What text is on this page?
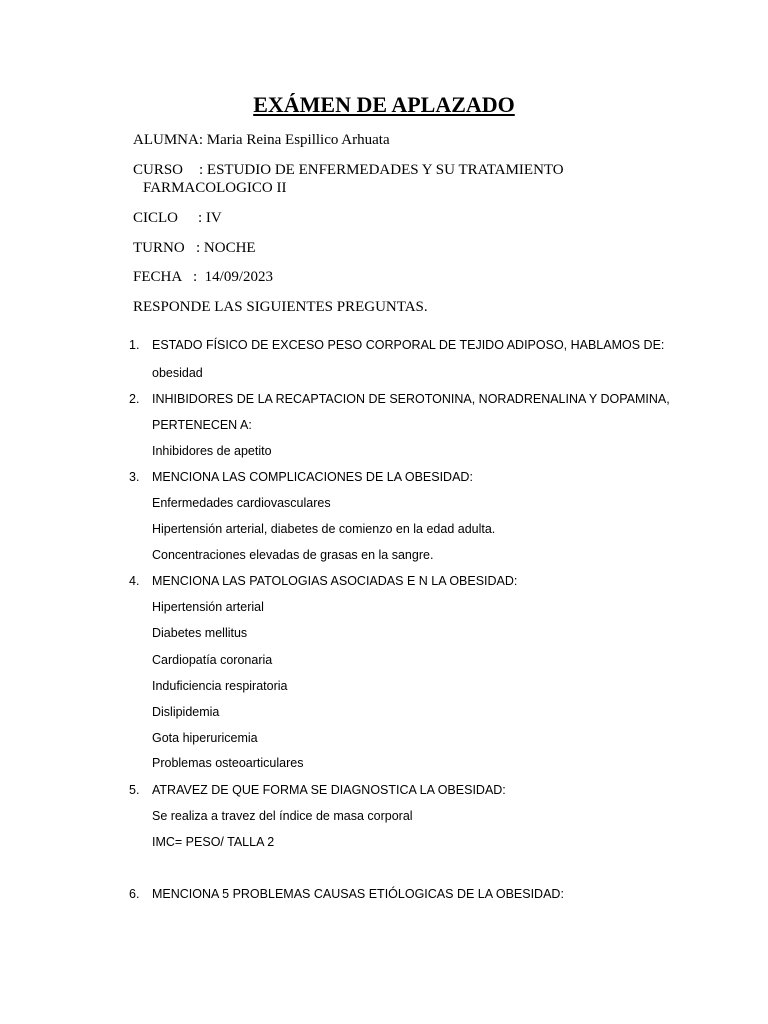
EXÁMEN DE APLAZADO
ALUMNA: Maria Reina Espillico Arhuata
CURSO : ESTUDIO DE ENFERMEDADES Y SU TRATAMIENTO
FARMACOLOGICO II
CICLO : IV
TURNO : NOCHE
FECHA :  14/09/2023
RESPONDE LAS SIGUIENTES PREGUNTAS.
1. ESTADO FÍSICO DE EXCESO PESO CORPORAL DE TEJIDO ADIPOSO, HABLAMOS DE:
obesidad
2. INHIBIDORES DE LA RECAPTACION DE SEROTONINA, NORADRENALINA Y DOPAMINA,
PERTENECEN A:
Inhibidores de apetito
3. MENCIONA LAS COMPLICACIONES DE LA OBESIDAD:
Enfermedades cardiovasculares
Hipertensión arterial, diabetes de comienzo en la edad adulta.
Concentraciones elevadas de grasas en la sangre.
4. MENCIONA LAS PATOLOGIAS ASOCIADAS E N LA OBESIDAD:
Hipertensión arterial
Diabetes mellitus
Cardiopatía coronaria
Induficiencia respiratoria
Dislipidemia
Gota hiperuricemia
Problemas osteoarticulares
5. ATRAVEZ DE QUE FORMA SE DIAGNOSTICA LA OBESIDAD:
Se realiza a travez del índice de masa corporal
IMC= PESO/ TALLA 2
6. MENCIONA 5 PROBLEMAS CAUSAS ETIÓLOGICAS DE LA OBESIDAD:
